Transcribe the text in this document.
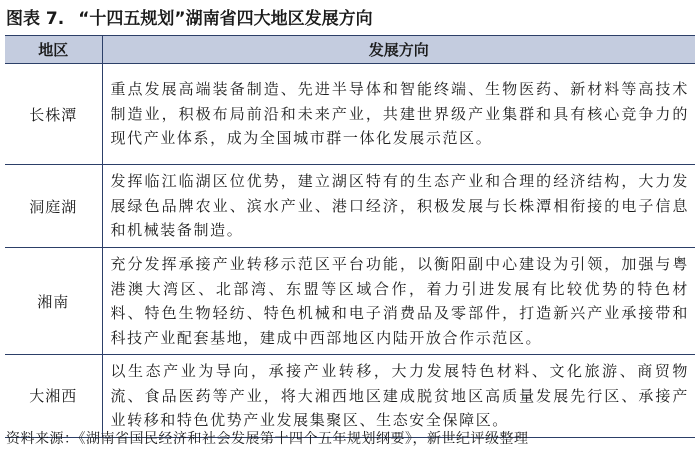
图表 7. “十四五规划”湖南省四大地区发展方向
地区	发展方向
长株潭	重点发展高端装备制造、先进半导体和智能终端、生物医药、新材料等高技术制造业，积极布局前沿和未来产业，共建世界级产业集群和具有核心竞争力的现代产业体系，成为全国城市群一体化发展示范区。
洞庭湖	发挥临江临湖区位优势，建立湖区特有的生态产业和合理的经济结构，大力发展绿色品牌农业、滨水产业、港口经济，积极发展与长株潭相衔接的电子信息和机械装备制造。
湘南	充分发挥承接产业转移示范区平台功能，以衡阳副中心建设为引领，加强与粤港澳大湾区、北部湾、东盟等区域合作，着力引进发展有比较优势的特色材料、特色生物轻纺、特色机械和电子消费品及零部件，打造新兴产业承接带和科技产业配套基地，建成中西部地区内陆开放合作示范区。
大湘西	以生态产业为导向，承接产业转移，大力发展特色材料、文化旅游、商贸物流、食品医药等产业，将大湘西地区建成脱贫地区高质量发展先行区、承接产业转移和特色优势产业发展集聚区、生态安全保障区。
资料来源：《湖南省国民经济和社会发展第十四个五年规划纲要》，新世纪评级整理
